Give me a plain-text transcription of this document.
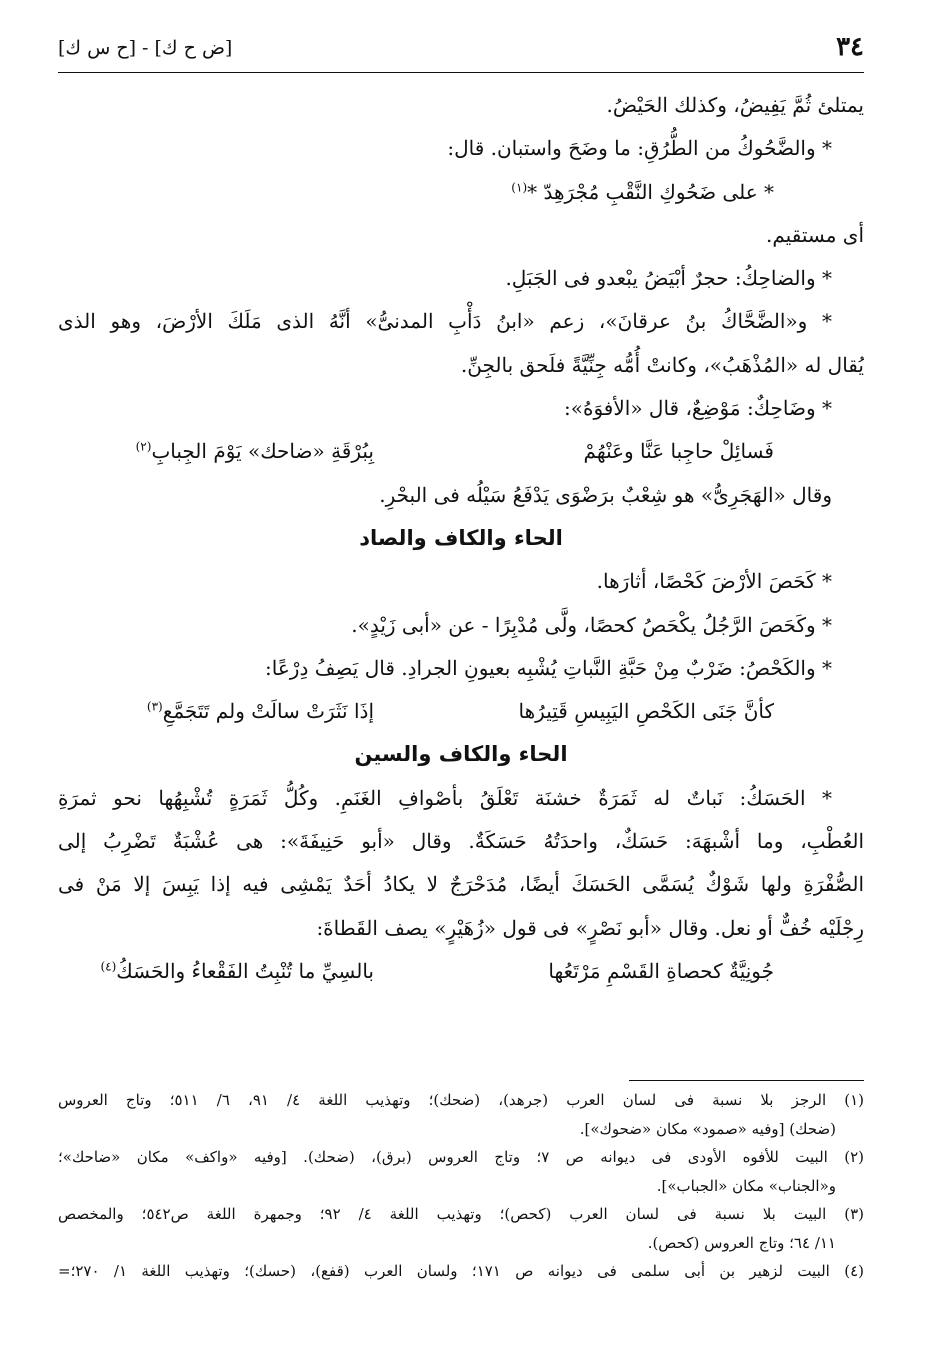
٣٤
[ض ح ك] - [ح س ك]
يمتلئ ثُمَّ يَفِيضُ، وكذلك الحَيْضُ.
* والضَّحُوكُ من الطُّرُقِ: ما وضَحَ واستبان. قال:
* على ضَحُوكِ النَّقْبِ مُجْرَهِدّ *$^{(١)}$
أى مستقيم.
* والضاحِكُ: حجرٌ أبْيَضُ يبْعدو فى الجَبَلِ.
* و«الضَّحَّاكُ بنُ عرقانَ»، زعم «ابنُ دَأْبِ المدنىُّ» أنَّهُ الذى مَلَكَ الأرْضَ، وهو الذى
يُقال له «المُذْهَبُ»، وكانتْ أُمُّه جِنِّيَّةً فلَحق بالجِنِّ.
* وضَاحِكٌ: مَوْضِعٌ، قال «الأفوَهُ»:
فَسائِلْ حاجِبا عَنَّا وعَنْهُمْ
بِبُرْقَةِ «ضاحك» يَوْمَ الجِبابِ$^{(٢)}$
وقال «الهَجَرِىُّ» هو شِعْبٌ برَضْوَى يَدْفَعُ سَيْلُه فى البحْرِ.
الحاء والكاف والصاد
* كَحَصَ الأرْضَ كَحْصًا، أثارَها.
* وكَحَصَ الرَّجُلُ يكْحَصُ كحصًا، ولَّى مُدْبِرًا - عن «أبى زَيْدٍ».
* والكَحْصُ: ضَرْبٌ مِنْ حَبَّةِ النَّباتِ يُشْبِه بعيونِ الجرادِ. قال يَصِفُ دِرْعًا:
كأنَّ جَنَى الكَحْصِ اليَبِيسِ قَتِيرُها
إذَا نَثَرَتْ سالَتْ ولم تَتَجَمَّعِ$^{(٣)}$
الحاء والكاف والسين
* الحَسَكُ: نَباتٌ له ثَمَرَةٌ خشنَة تَعْلَقُ بأصْوافِ الغَنَمِ. وكُلُّ ثَمَرَةٍ تُشْبِهُها نحو ثمرَةِ
العُطْبِ، وما أشْبهَهَ: حَسَكٌ، واحدَتُهُ حَسَكَةٌ. وقال «أبو حَنِيفَةَ»: هى عُشْبَةٌ تَضْرِبُ إلى
الصُّفْرَةِ ولها شَوْكٌ يُسَمَّى الحَسَكَ أيضًا، مُدَحْرَجٌ لا يكادُ أحَدٌ يَمْشِى فيه إذا يَبِسَ إلا مَنْ فى
رِجْلَيْه خُفٌّ أو نعل. وقال «أبو نَصْرٍ» فى قول «زُهَيْرٍ» يصف القَطاةَ:
جُونِيَّةٌ كحصاةِ القَسْمِ مَرْتَعُها
بالسِيِّ ما تُنْبِتُ الفَقْعاءُ والحَسَكُ$^{(٤)}$
(١) الرجز بلا نسبة فى لسان العرب (جرهد)، (ضحك)؛ وتهذيب اللغة ٤/ ٩١، ٦/ ٥١١؛ وتاج العروس
(ضحك) [وفيه «صمود» مكان «ضحوك»].
(٢) البيت للأفوه الأودى فى ديوانه ص ٧؛ وتاج العروس (برق)، (ضحك). [وفيه «واكف» مكان «ضاحك»؛
و«الجناب» مكان «الجباب»].
(٣) البيت بلا نسبة فى لسان العرب (كحص)؛ وتهذيب اللغة ٤/ ٩٢؛ وجمهرة اللغة ص٥٤٢؛ والمخصص
١١/ ٦٤؛ وتاج العروس (كحص).
(٤) البيت لزهير بن أبى سلمى فى ديوانه ص ١٧١؛ ولسان العرب (قفع)، (حسك)؛ وتهذيب اللغة ١/ ٢٧٠؛=
